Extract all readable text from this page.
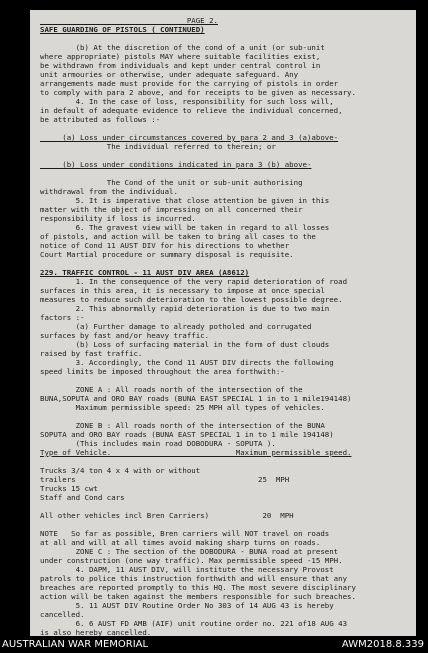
PAGE 2.
SAFE GUARDING OF PISTOLS ( CONTINUED)
(b) At the discretion of the cond of a unit (or sub-unit
where appropriate) pistols MAY where suitable facilities exist,
be withdrawn from individuals and kept under central control in
unit armouries or otherwise, under adequate safeguard. Any
arrangements made must provide for the carrying of pistols in order
to comply with para 2 above, and for receipts to be given as necessary.
4. In the case of loss, responsibility for such loss will,
in default of adequate evidence to relieve the individual concerned,
be attributed as follows :-
(a) Loss under circumstances covered by para 2 and 3 (a)above-
The individual referred to therein; or
(b) Loss under conditions indicated in para 3 (b) above-
The Cond of the unit or sub-unit authorising
withdrawal from the individual.
5. It is imperative that close attention be given in this
matter with the object of impressing on all concerned their
responsibility if loss is incurred.
6. The gravest view will be taken in regard to all losses
of pistols, and action will be taken to bring all cases to the
notice of Cond 11 AUST DIV for his directions to whether
Court Martial procedure or summary disposal is requisite.
229. TRAFFIC CONTROL - 11 AUST DIV AREA (A8612)
1. In the consequence of the very rapid deterioration of road
surfaces in this area, it is necessary to impose at once special
measures to reduce such deterioration to the lowest possible degree.
2. This abnormally rapid deterioration is due to two main
factors :-
(a) Further damage to already potholed and corrugated
surfaces by fast and/or heavy traffic.
(b) Loss of surfacing material in the form of dust clouds
raised by fast traffic.
3. Accordingly, the Cond 11 AUST DIV directs the following
speed limits be imposed throughout the area forthwith:-
ZONE A : All roads north of the intersection of the
BUNA,SOPUTA and ORO BAY roads (BUNA EAST SPECIAL 1 in to 1 mile194148)
Maximum permissible speed: 25 MPH all types of vehicles.
ZONE B : All roads north of the intersection of the BUNA
SOPUTA and ORO BAY roads (BUNA EAST SPECIAL 1 in to 1 mile 194148)
(This includes main road DOBODURA - SOPUTA ).
Type of Vehicle.                            Maximum permissible speed.
Trucks 3/4 ton 4 x 4 with or without
trailers                                         25  MPH
Trucks 15 cwt
Staff and Cond cars
All other vehicles incl Bren Carriers)            20  MPH
NOTE   So far as possible, Bren carriers will NOT travel on roads
at all and will at all times avoid making sharp turns on roads.
ZONE C : The section of the DOBODURA - BUNA road at present
under construction (one way traffic). Max permissible speed -15 MPH.
4. DAPM, 11 AUST DIV, will institute the necessary Provost
patrols to police this instruction forthwith and will ensure that any
breaches are reported promptly to this HQ. The most severe disciplinary
action will be taken against the members responsible for such breaches.
5. 11 AUST DIV Routine Order No 303 of 14 AUG 43 is hereby
cancelled.
6. 6 AUST FD AMB (AIF) unit routine order no. 221 of18 AUG 43
is also hereby cancelled.
AUSTRALIAN WAR MEMORIAL	AWM2018.8.339
